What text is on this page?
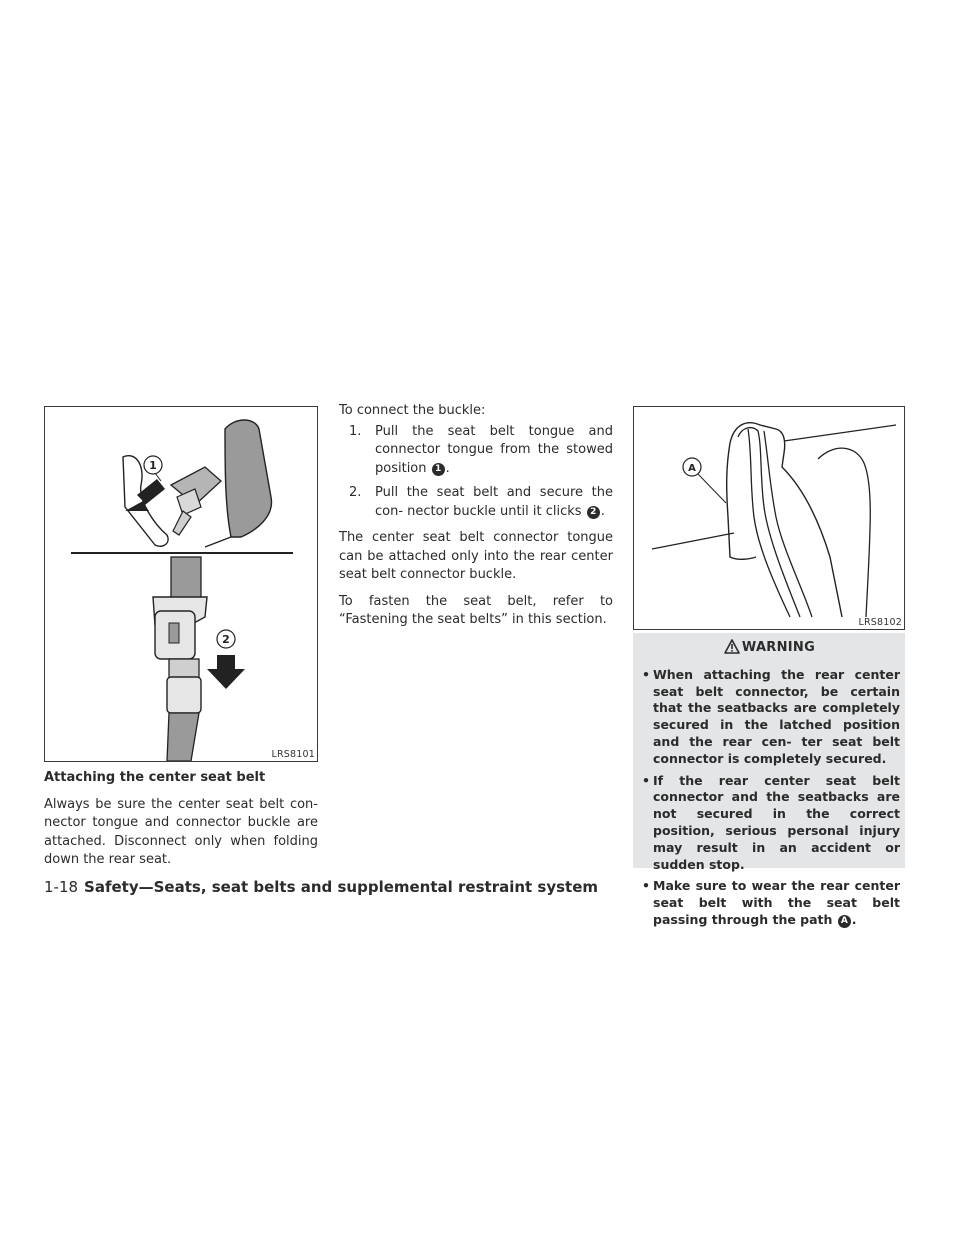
1
2
LRS8101
Attaching the center seat belt

Always be sure the center seat belt con- nector tongue and connector buckle are attached. Disconnect only when folding down the rear seat.

To connect the buckle:

1. Pull the seat belt tongue and connector tongue from the stowed position 1 .
2. Pull the seat belt and secure the con- nector buckle until it clicks 2 .

The center seat belt connector tongue can be attached only into the rear center seat belt connector buckle.

To fasten the seat belt, refer to “Fastening the seat belts” in this section.

A
LRS8102
WARNING
• When attaching the rear center seat belt connector, be certain that the seatbacks are completely secured in the latched position and the rear cen- ter seat belt connector is completely secured.
• If the rear center seat belt connector and the seatbacks are not secured in the correct position, serious personal injury may result in an accident or sudden stop.
• Make sure to wear the rear center seat belt with the seat belt passing through the path A .
1-18 Safety—Seats, seat belts and supplemental restraint system
